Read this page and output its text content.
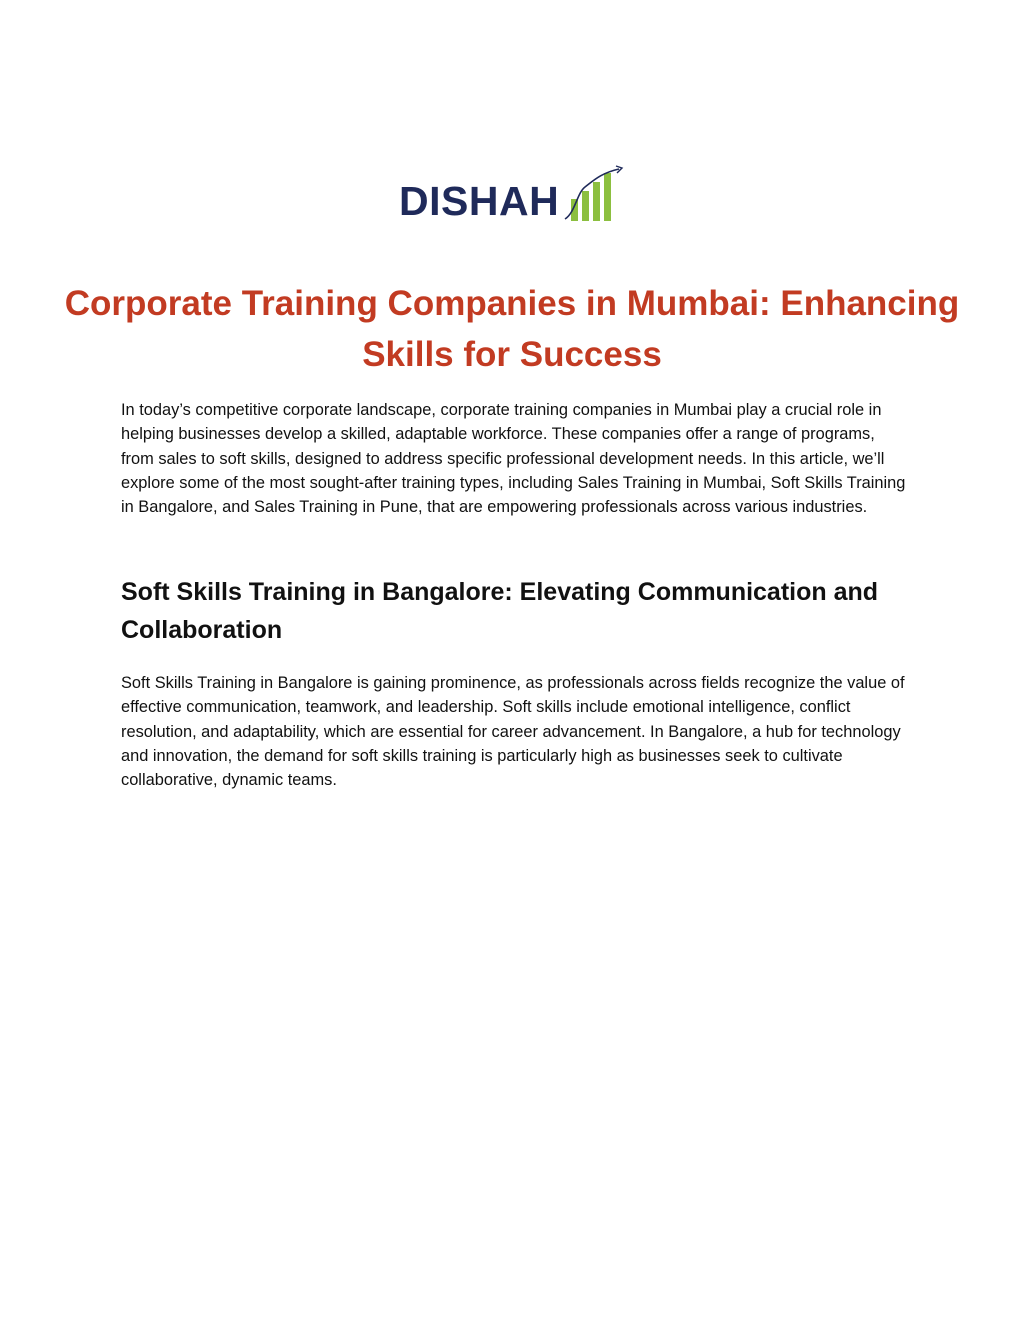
DISHAH
Corporate Training Companies in Mumbai: Enhancing Skills for Success

In today’s competitive corporate landscape, corporate training companies in Mumbai play a crucial role in helping businesses develop a skilled, adaptable workforce. These companies offer a range of programs, from sales to soft skills, designed to address specific professional development needs. In this article, we’ll explore some of the most sought-after training types, including Sales Training in Mumbai, Soft Skills Training in Bangalore, and Sales Training in Pune, that are empowering professionals across various industries.

Soft Skills Training in Bangalore: Elevating Communication and Collaboration

Soft Skills Training in Bangalore is gaining prominence, as professionals across fields recognize the value of effective communication, teamwork, and leadership. Soft skills include emotional intelligence, conflict resolution, and adaptability, which are essential for career advancement. In Bangalore, a hub for technology and innovation, the demand for soft skills training is particularly high as businesses seek to cultivate collaborative, dynamic teams.
